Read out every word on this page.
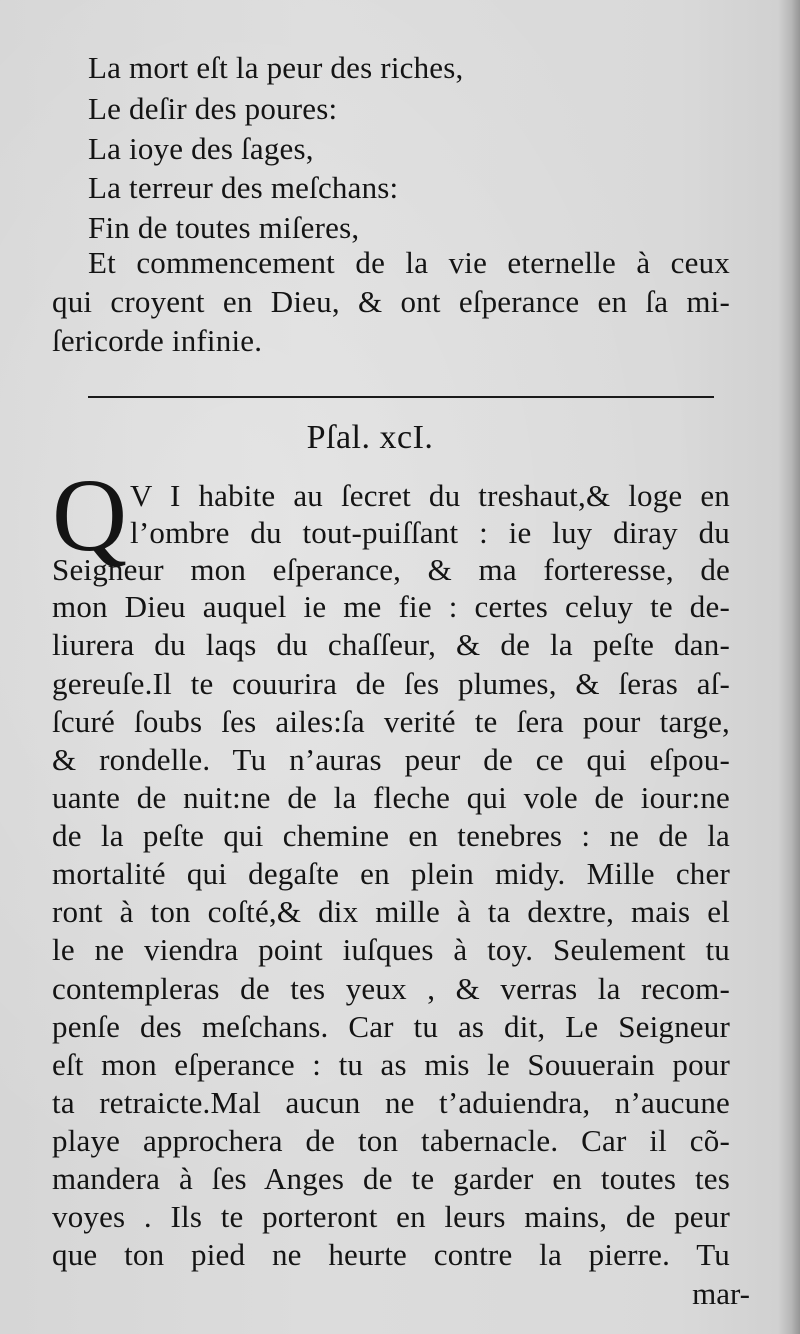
La mort eſt la peur des riches,

Le deſir des poures:

La ioye des ſages,

La terreur des meſchans:

Fin de toutes miſeres,

Et commencement de la vie eternelle à ceux

qui croyent en Dieu, & ont eſperance en ſa mi-

ſericorde infinie.

Pſal. xcI.

Q V I habite au ſecret du treshaut,& loge en

l’ombre du tout-puiſſant : ie luy diray du

Seigneur mon eſperance, & ma forteresse, de

mon Dieu auquel ie me fie : certes celuy te de-

liurera du laqs du chaſſeur, & de la peſte dan-

gereuſe.Il te couurira de ſes plumes, & ſeras aſ-

ſcuré ſoubs ſes ailes:ſa verité te ſera pour targe,

& rondelle. Tu n’auras peur de ce qui eſpou-

uante de nuit:ne de la fleche qui vole de iour:ne

de la peſte qui chemine en tenebres : ne de la

mortalité qui degaſte en plein midy. Mille cher

ront à ton coſté,& dix mille à ta dextre, mais el

le ne viendra point iuſques à toy. Seulement tu

contempleras de tes yeux , & verras la recom-

penſe des meſchans. Car tu as dit, Le Seigneur

eſt mon eſperance : tu as mis le Souuerain pour

ta retraicte.Mal aucun ne t’aduiendra, n’aucune

playe approchera de ton tabernacle. Car il cõ-

mandera à ſes Anges de te garder en toutes tes

voyes . Ils te porteront en leurs mains, de peur

que ton pied ne heurte contre la pierre. Tu

mar-
